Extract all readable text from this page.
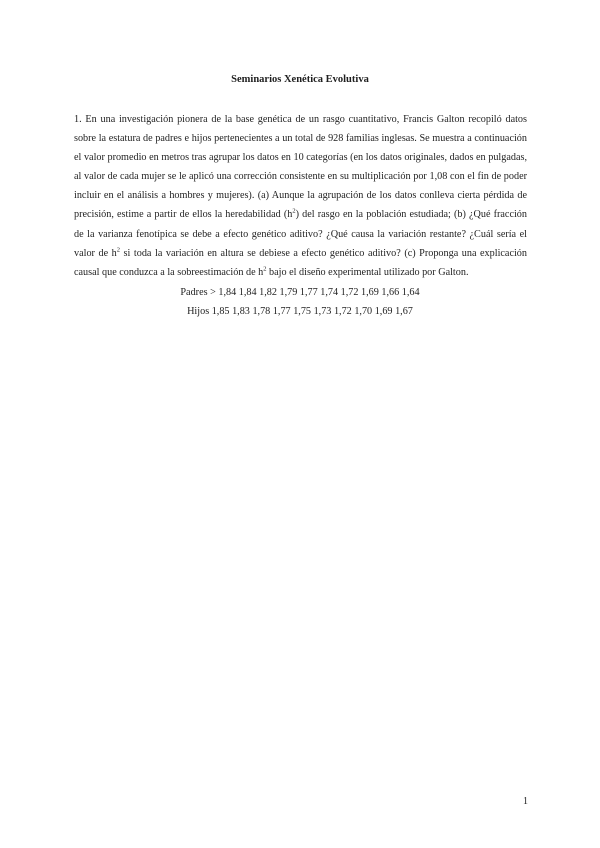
Seminarios Xenética Evolutiva
1. En una investigación pionera de la base genética de un rasgo cuantitativo, Francis Galton recopiló datos sobre la estatura de padres e hijos pertenecientes a un total de 928 familias inglesas. Se muestra a continuación el valor promedio en metros tras agrupar los datos en 10 categorías (en los datos originales, dados en pulgadas, al valor de cada mujer se le aplicó una corrección consistente en su multiplicación por 1,08 con el fin de poder incluir en el análisis a hombres y mujeres). (a) Aunque la agrupación de los datos conlleva cierta pérdida de precisión, estime a partir de ellos la heredabilidad $(h^2)$ del rasgo en la población estudiada; (b) ¿Qué fracción de la varianza fenotípica se debe a efecto genético aditivo? ¿Qué causa la variación restante? ¿Cuál sería el valor de $h^2$ si toda la variación en altura se debiese a efecto genético aditivo? (c) Proponga una explicación causal que conduzca a la sobreestimación de $h^2$ bajo el diseño experimental utilizado por Galton.
Padres > 1,84 1,84 1,82 1,79 1,77 1,74 1,72 1,69 1,66 1,64
Hijos 1,85 1,83 1,78 1,77 1,75 1,73 1,72 1,70 1,69 1,67
1
